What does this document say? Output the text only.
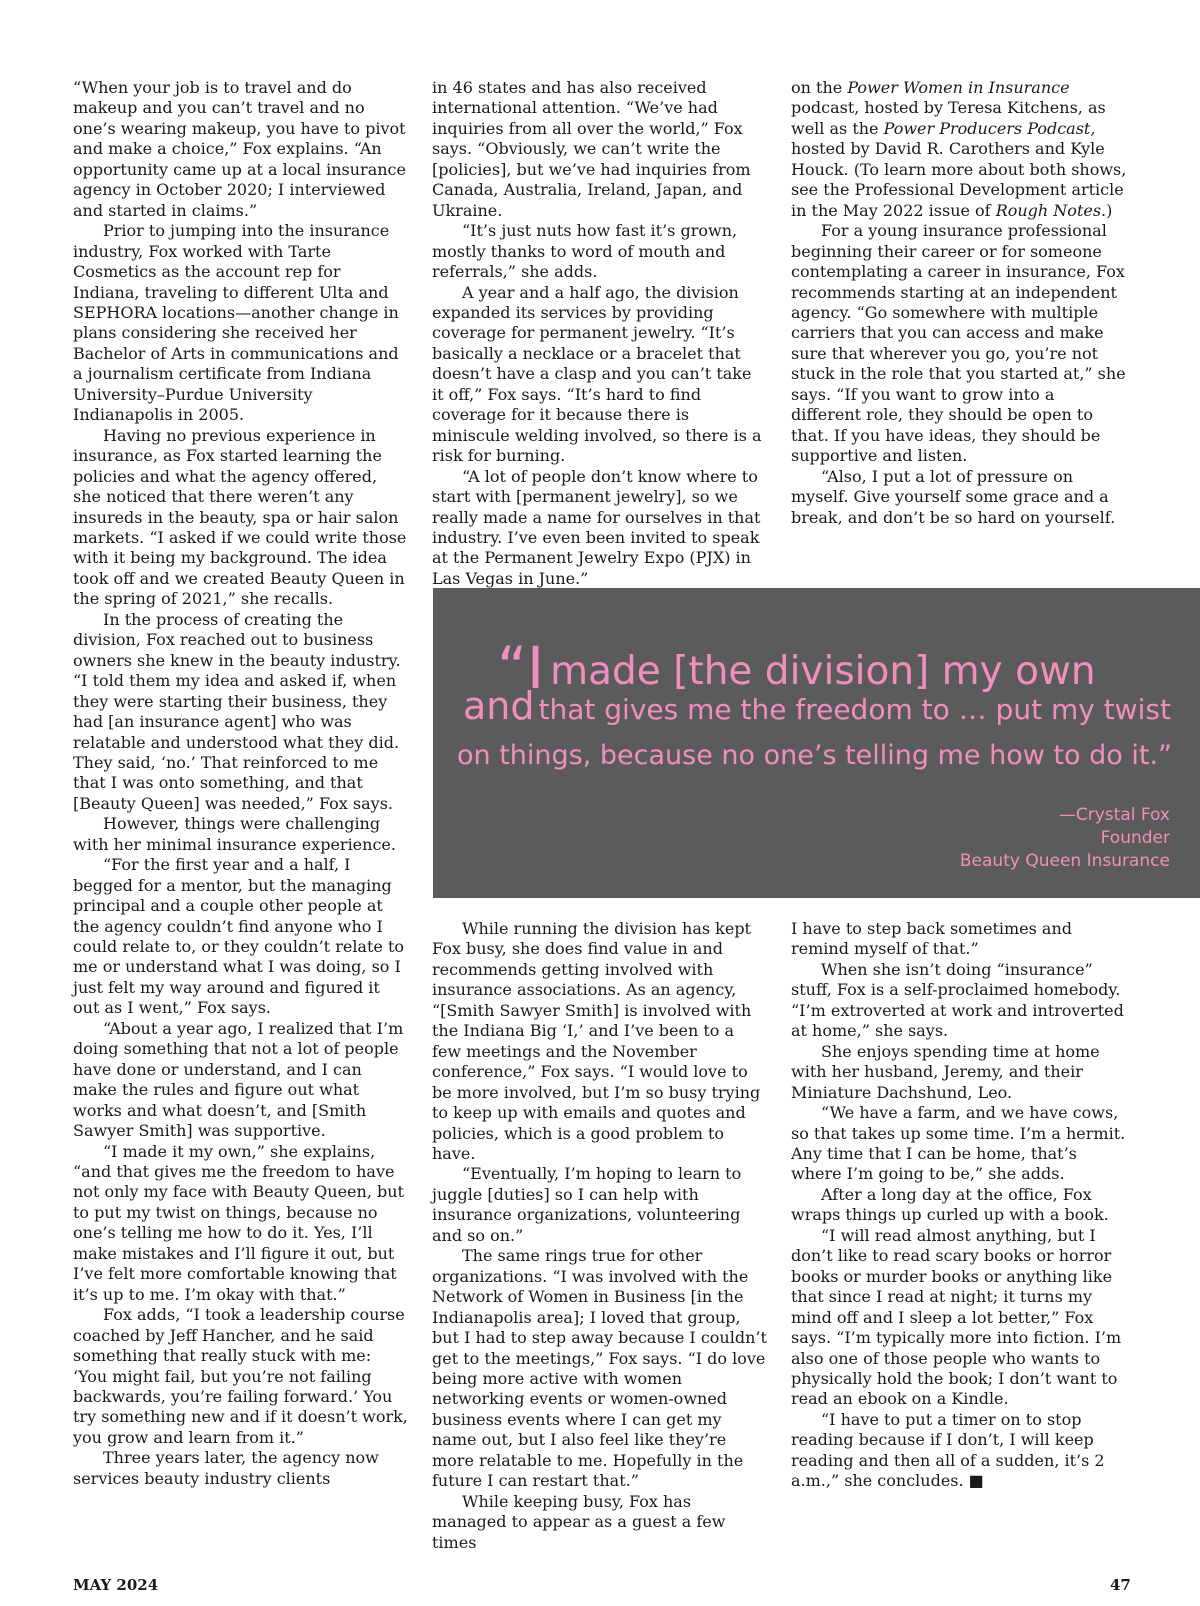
“When your job is to travel and do makeup and you can’t travel and no one’s wearing makeup, you have to pivot and make a choice,” Fox explains. “An opportunity came up at a local insurance agency in October 2020; I interviewed and started in claims.”

Prior to jumping into the insurance industry, Fox worked with Tarte Cosmetics as the account rep for Indiana, traveling to different Ulta and SEPHORA locations—another change in plans considering she received her Bachelor of Arts in communications and a journalism certificate from Indiana University–Purdue University Indianapolis in 2005.

Having no previous experience in insurance, as Fox started learning the policies and what the agency offered, she noticed that there weren’t any insureds in the beauty, spa or hair salon markets. “I asked if we could write those with it being my background. The idea took off and we created Beauty Queen in the spring of 2021,” she recalls.

In the process of creating the division, Fox reached out to business owners she knew in the beauty industry. “I told them my idea and asked if, when they were starting their business, they had [an insurance agent] who was relatable and understood what they did. They said, ‘no.’ That reinforced to me that I was onto something, and that [Beauty Queen] was needed,” Fox says.

However, things were challenging with her minimal insurance experience.

“For the first year and a half, I begged for a mentor, but the managing principal and a couple other people at the agency couldn’t find anyone who I could relate to, or they couldn’t relate to me or understand what I was doing, so I just felt my way around and figured it out as I went,” Fox says.

“About a year ago, I realized that I’m doing something that not a lot of people have done or understand, and I can make the rules and figure out what works and what doesn’t, and [Smith Sawyer Smith] was supportive.

“I made it my own,” she explains, “and that gives me the freedom to have not only my face with Beauty Queen, but to put my twist on things, because no one’s telling me how to do it. Yes, I’ll make mistakes and I’ll figure it out, but I’ve felt more comfortable knowing that it’s up to me. I’m okay with that.”

Fox adds, “I took a leadership course coached by Jeff Hancher, and he said something that really stuck with me: ‘You might fail, but you’re not failing backwards, you’re failing forward.’ You try something new and if it doesn’t work, you grow and learn from it.”

Three years later, the agency now services beauty industry clients

in 46 states and has also received international attention. “We’ve had inquiries from all over the world,” Fox says. “Obviously, we can’t write the [policies], but we’ve had inquiries from Canada, Australia, Ireland, Japan, and Ukraine.

“It’s just nuts how fast it’s grown, mostly thanks to word of mouth and referrals,” she adds.

A year and a half ago, the division expanded its services by providing coverage for permanent jewelry. “It’s basically a necklace or a bracelet that doesn’t have a clasp and you can’t take it off,” Fox says. “It’s hard to find coverage for it because there is miniscule welding involved, so there is a risk for burning.

“A lot of people don’t know where to start with [permanent jewelry], so we really made a name for ourselves in that industry. I’ve even been invited to speak at the Permanent Jewelry Expo (PJX) in Las Vegas in June.”

on the Power Women in Insurance podcast, hosted by Teresa Kitchens, as well as the Power Producers Podcast, hosted by David R. Carothers and Kyle Houck. (To learn more about both shows, see the Professional Development article in the May 2022 issue of Rough Notes.)

For a young insurance professional beginning their career or for someone contemplating a career in insurance, Fox recommends starting at an independent agency. “Go somewhere with multiple carriers that you can access and make sure that wherever you go, you’re not stuck in the role that you started at,” she says. “If you want to grow into a different role, they should be open to that. If you have ideas, they should be supportive and listen.

“Also, I put a lot of pressure on myself. Give yourself some grace and a break, and don’t be so hard on yourself.

“I made [the division] my own
and that gives me the freedom to … put my twist
on things, because no one’s telling me how to do it.”
—Crystal Fox
Founder
Beauty Queen Insurance

While running the division has kept Fox busy, she does find value in and recommends getting involved with insurance associations. As an agency, “[Smith Sawyer Smith] is involved with the Indiana Big ‘I,’ and I’ve been to a few meetings and the November conference,” Fox says. “I would love to be more involved, but I’m so busy trying to keep up with emails and quotes and policies, which is a good problem to have.

“Eventually, I’m hoping to learn to juggle [duties] so I can help with insurance organizations, volunteering and so on.”

The same rings true for other organizations. “I was involved with the Network of Women in Business [in the Indianapolis area]; I loved that group, but I had to step away because I couldn’t get to the meetings,” Fox says. “I do love being more active with women networking events or women-owned business events where I can get my name out, but I also feel like they’re more relatable to me. Hopefully in the future I can restart that.”

While keeping busy, Fox has managed to appear as a guest a few times

I have to step back sometimes and remind myself of that.”

When she isn’t doing “insurance” stuff, Fox is a self-proclaimed homebody. “I’m extroverted at work and introverted at home,” she says.

She enjoys spending time at home with her husband, Jeremy, and their Miniature Dachshund, Leo.

“We have a farm, and we have cows, so that takes up some time. I’m a hermit. Any time that I can be home, that’s where I’m going to be,” she adds.

After a long day at the office, Fox wraps things up curled up with a book.

“I will read almost anything, but I don’t like to read scary books or horror books or murder books or anything like that since I read at night; it turns my mind off and I sleep a lot better,” Fox says. “I’m typically more into fiction. I’m also one of those people who wants to physically hold the book; I don’t want to read an ebook on a Kindle.

“I have to put a timer on to stop reading because if I don’t, I will keep reading and then all of a sudden, it’s 2 a.m.,” she concludes. ■

MAY 2024	47
